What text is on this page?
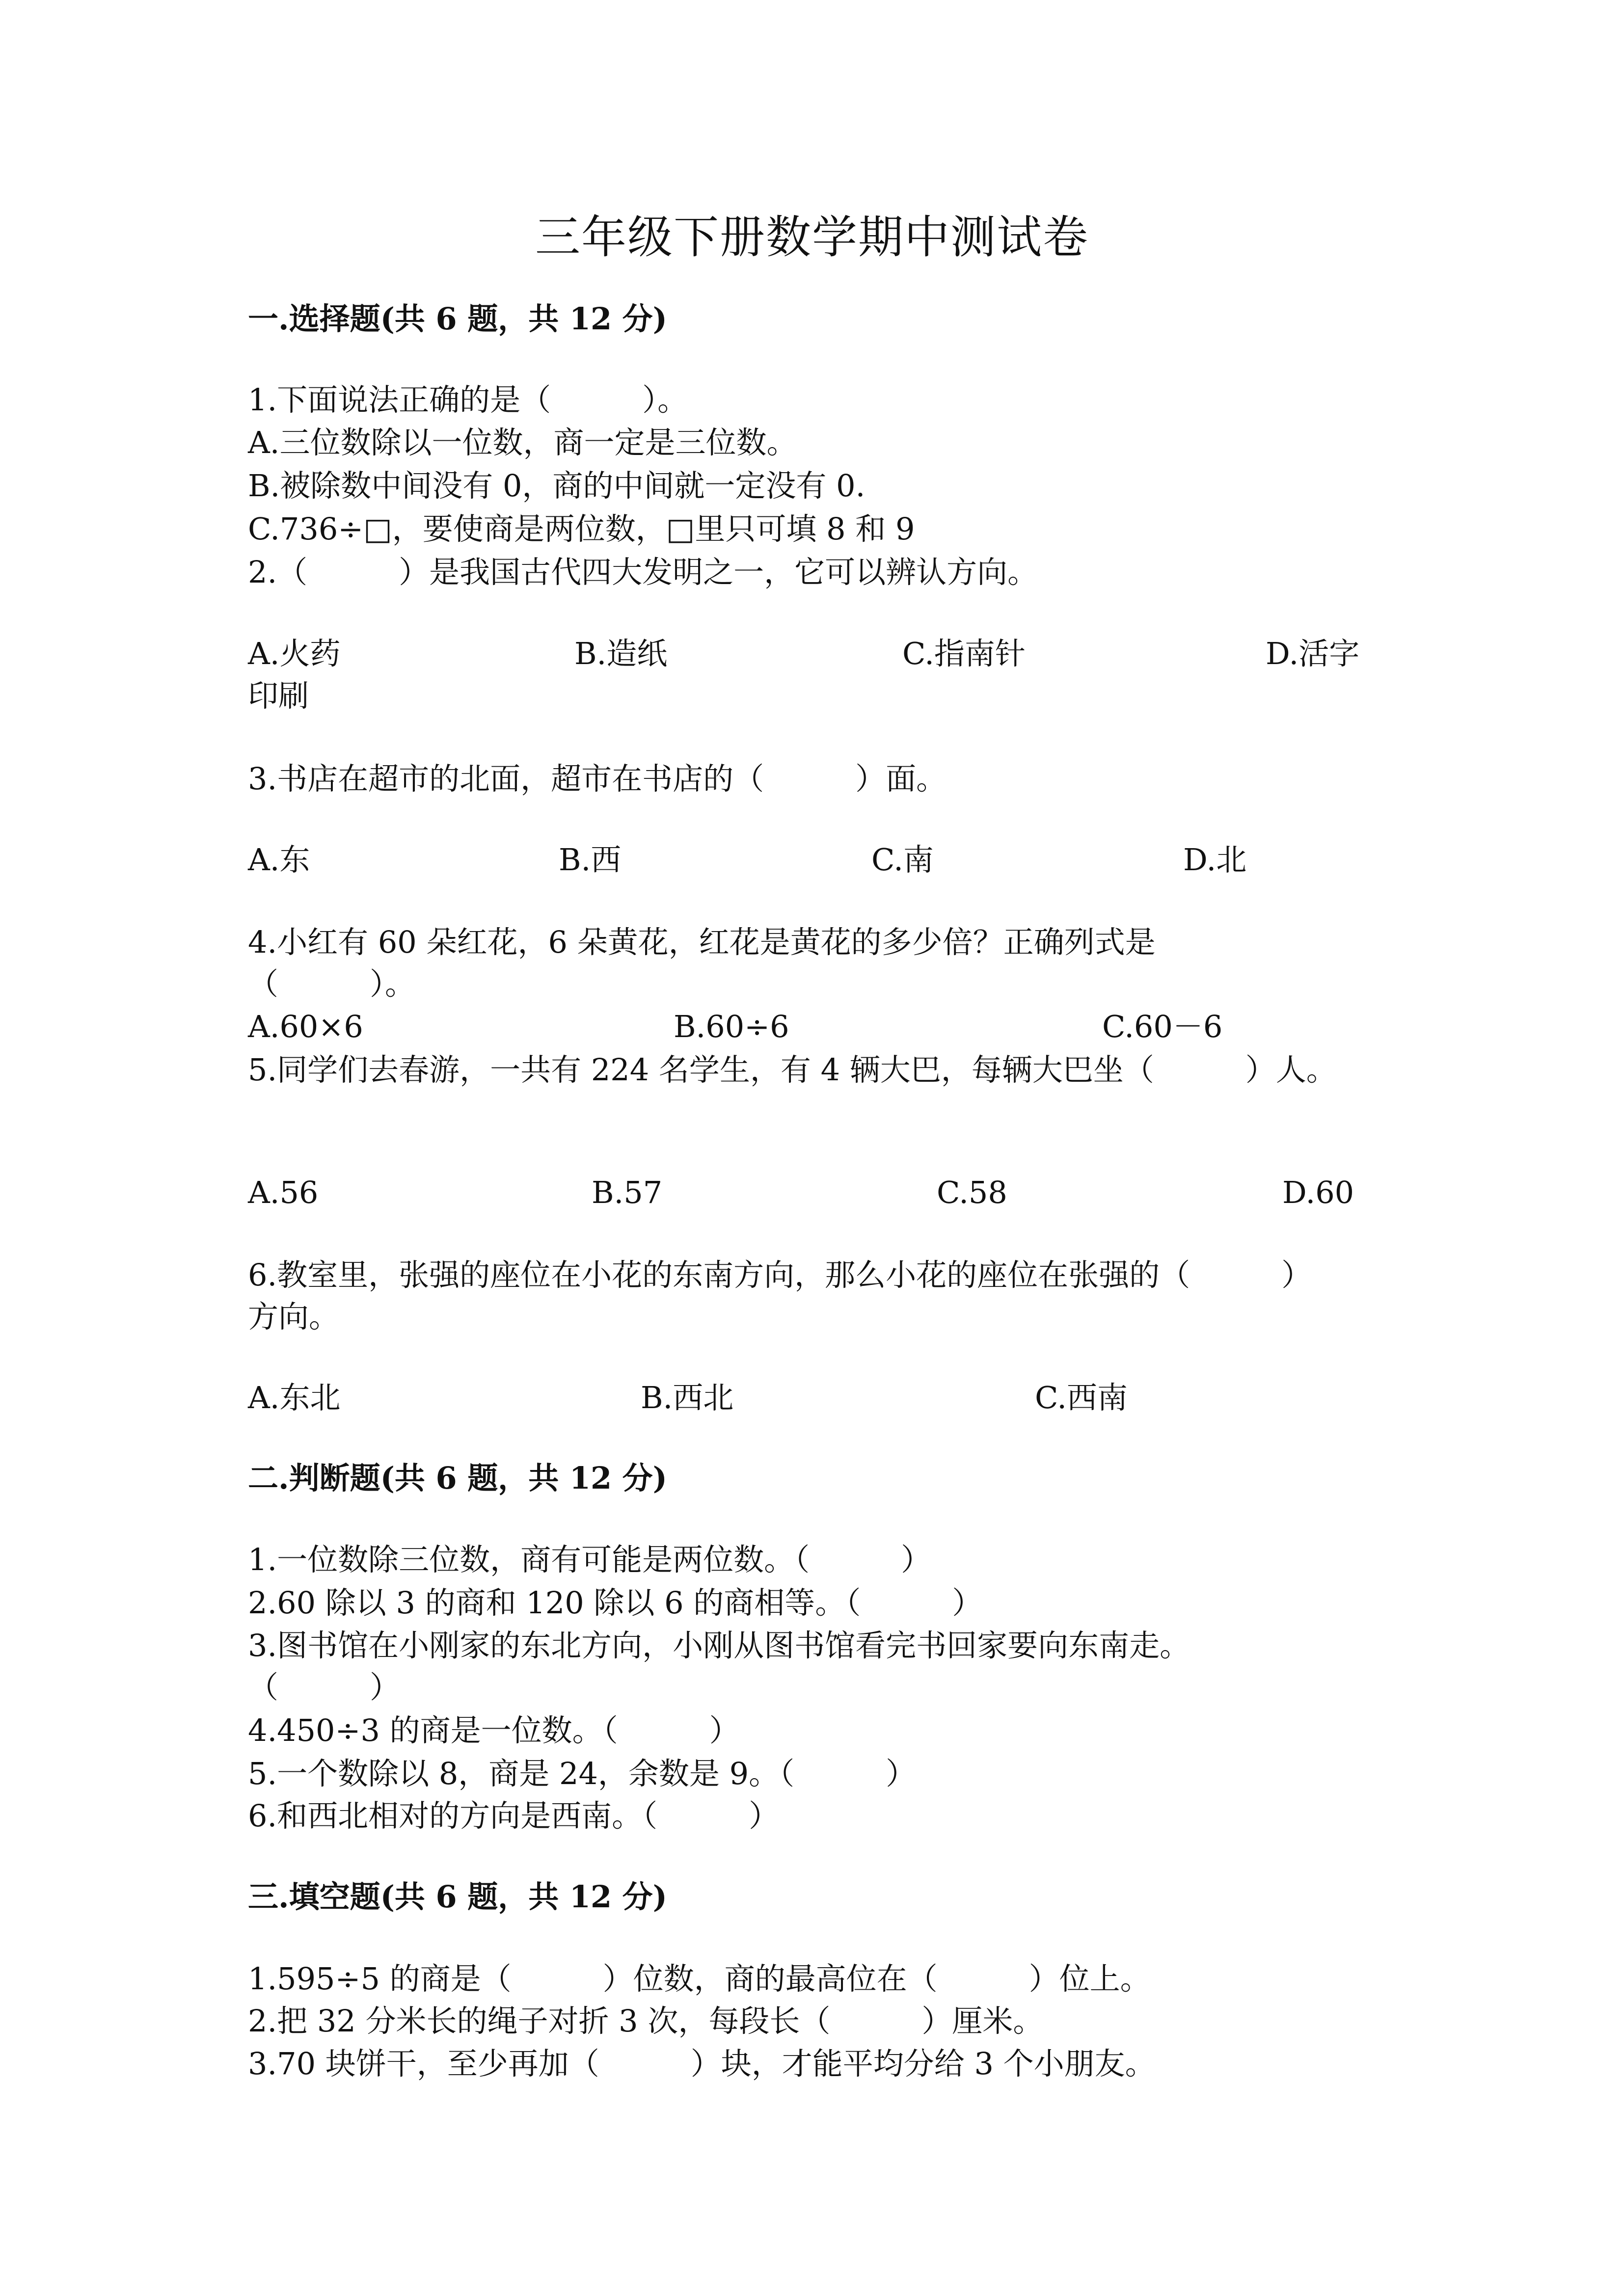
三年级下册数学期中测试卷
一.选择题(共 6 题，共 12 分)
1.下面说法正确的是（　　　）。
A.三位数除以一位数，商一定是三位数。
B.被除数中间没有 0，商的中间就一定没有 0.
C.736÷□，要使商是两位数，□里只可填 8 和 9
2.（　　　）是我国古代四大发明之一，它可以辨认方向。
A.火药	B.造纸	C.指南针	D.活字
印刷
3.书店在超市的北面，超市在书店的（　　　）面。
A.东	B.西	C.南	D.北
4.小红有 60 朵红花，6 朵黄花，红花是黄花的多少倍？正确列式是
（　　　）。
A.60×6	B.60÷6	C.60－6
5.同学们去春游，一共有 224 名学生，有 4 辆大巴，每辆大巴坐（　　　）人。
A.56	B.57	C.58	D.60
6.教室里，张强的座位在小花的东南方向，那么小花的座位在张强的（　　　）
方向。
A.东北	B.西北	C.西南
二.判断题(共 6 题，共 12 分)
1.一位数除三位数，商有可能是两位数。（　　　）
2.60 除以 3 的商和 120 除以 6 的商相等。（　　　）
3.图书馆在小刚家的东北方向，小刚从图书馆看完书回家要向东南走。
（　　　）
4.450÷3 的商是一位数。（　　　）
5.一个数除以 8，商是 24，余数是 9。（　　　）
6.和西北相对的方向是西南。（　　　）
三.填空题(共 6 题，共 12 分)
1.595÷5 的商是（　　　）位数，商的最高位在（　　　）位上。
2.把 32 分米长的绳子对折 3 次，每段长（　　　）厘米。
3.70 块饼干，至少再加（　　　）块，才能平均分给 3 个小朋友。
